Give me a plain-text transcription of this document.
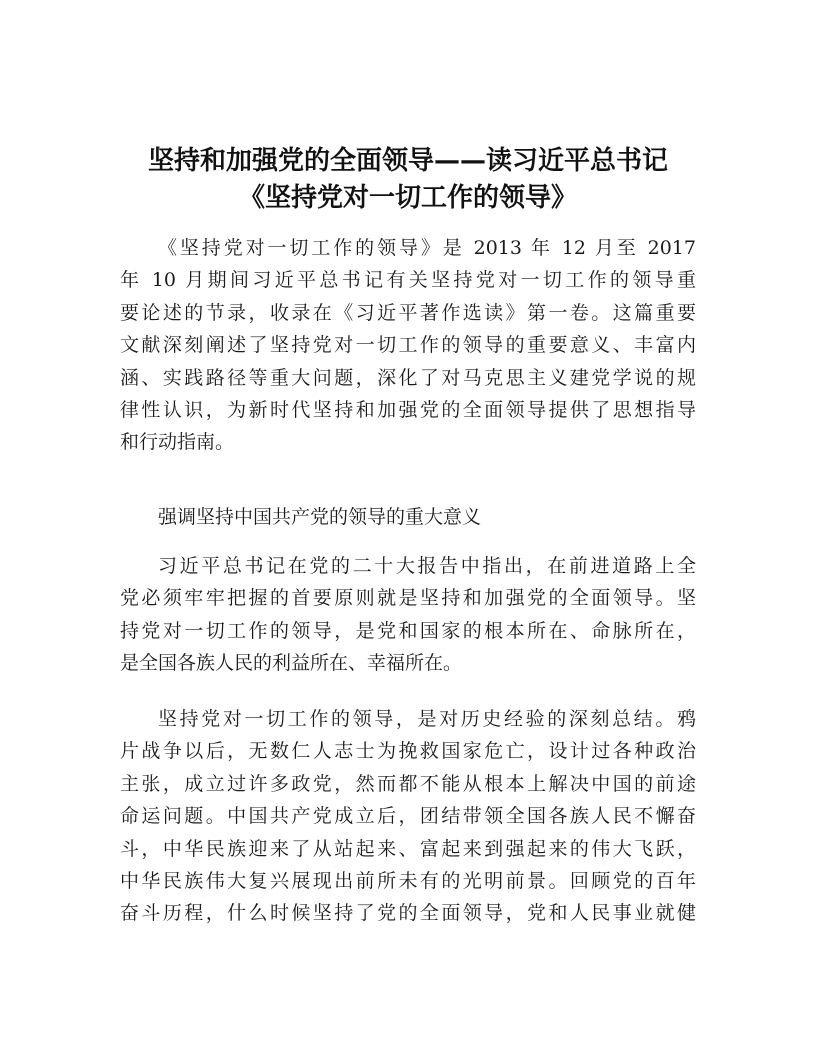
坚持和加强党的全面领导——读习近平总书记
《坚持党对一切工作的领导》
《坚持党对一切工作的领导》是 2013 年 12 月至 2017
年 10 月期间习近平总书记有关坚持党对一切工作的领导重
要论述的节录，收录在《习近平著作选读》第一卷。这篇重要
文献深刻阐述了坚持党对一切工作的领导的重要意义、丰富内
涵、实践路径等重大问题，深化了对马克思主义建党学说的规
律性认识，为新时代坚持和加强党的全面领导提供了思想指导
和行动指南。
强调坚持中国共产党的领导的重大意义
习近平总书记在党的二十大报告中指出，在前进道路上全
党必须牢牢把握的首要原则就是坚持和加强党的全面领导。坚
持党对一切工作的领导，是党和国家的根本所在、命脉所在，
是全国各族人民的利益所在、幸福所在。
坚持党对一切工作的领导，是对历史经验的深刻总结。鸦
片战争以后，无数仁人志士为挽救国家危亡，设计过各种政治
主张，成立过许多政党，然而都不能从根本上解决中国的前途
命运问题。中国共产党成立后，团结带领全国各族人民不懈奋
斗，中华民族迎来了从站起来、富起来到强起来的伟大飞跃，
中华民族伟大复兴展现出前所未有的光明前景。回顾党的百年
奋斗历程，什么时候坚持了党的全面领导，党和人民事业就健
